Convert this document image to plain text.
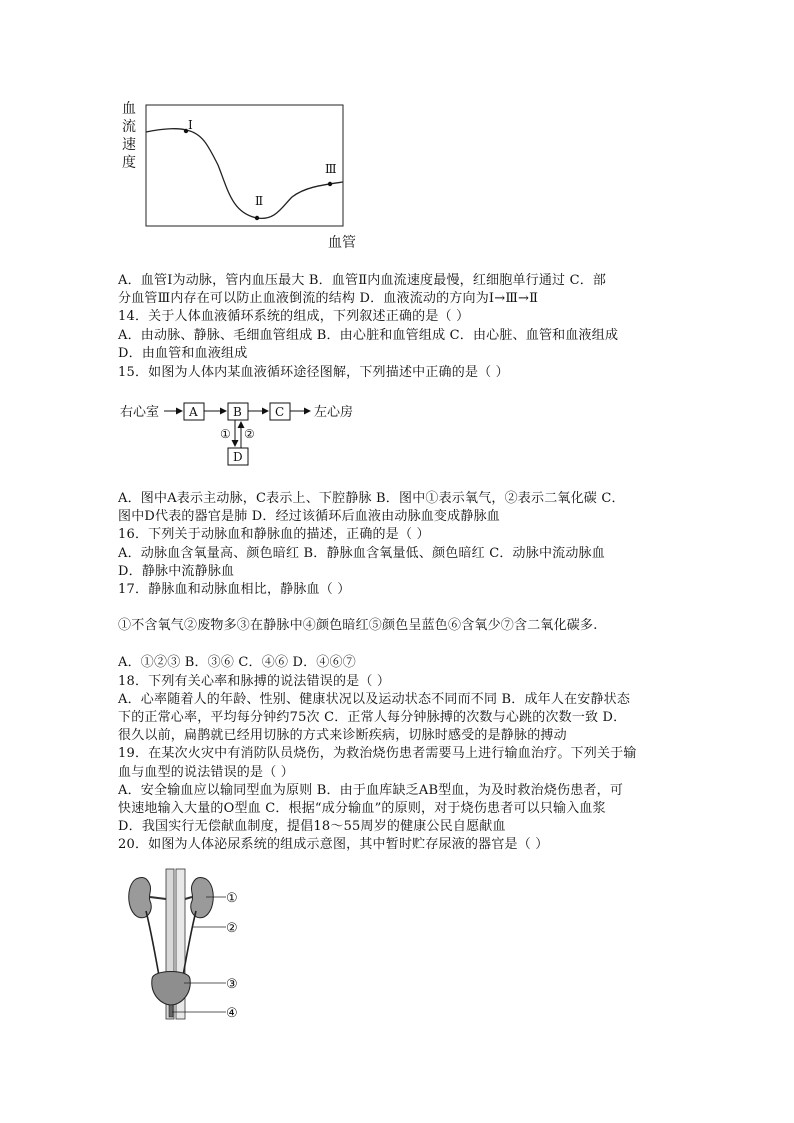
血
流
速
度
Ⅰ
Ⅱ
Ⅲ
血管
A．血管Ⅰ为动脉，管内血压最大 B．血管Ⅱ内血流速度最慢，红细胞单行通过 C．部
分血管Ⅲ内存在可以防止血液倒流的结构 D．血液流动的方向为Ⅰ→Ⅲ→Ⅱ
14．关于人体血液循环系统的组成，下列叙述正确的是（ ）
A．由动脉、静脉、毛细血管组成 B．由心脏和血管组成 C．由心脏、血管和血液组成
D．由血管和血液组成
15．如图为人体内某血液循环途径图解，下列描述中正确的是（ ）
右心室 A	B	C 左心房
① ②
D
A．图中A表示主动脉，C表示上、下腔静脉 B．图中①表示氧气，②表示二氧化碳 C．
图中D代表的器官是肺 D．经过该循环后血液由动脉血变成静脉血
16．下列关于动脉血和静脉血的描述，正确的是（ ）
A．动脉血含氧量高、颜色暗红 B．静脉血含氧量低、颜色暗红 C．动脉中流动脉血
D．静脉中流静脉血
17．静脉血和动脉血相比，静脉血（ ）
①不含氧气②废物多③在静脉中④颜色暗红⑤颜色呈蓝色⑥含氧少⑦含二氧化碳多.
A．①②③ B．③⑥ C．④⑥ D．④⑥⑦
18．下列有关心率和脉搏的说法错误的是（ ）
A．心率随着人的年龄、性别、健康状况以及运动状态不同而不同 B．成年人在安静状态
下的正常心率，平均每分钟约75次 C．正常人每分钟脉搏的次数与心跳的次数一致 D．
很久以前，扁鹊就已经用切脉的方式来诊断疾病，切脉时感受的是静脉的搏动
19．在某次火灾中有消防队员烧伤，为救治烧伤患者需要马上进行输血治疗。下列关于输
血与血型的说法错误的是（ ）
A．安全输血应以输同型血为原则 B．由于血库缺乏AB型血，为及时救治烧伤患者，可
快速地输入大量的O型血 C．根据“成分输血”的原则，对于烧伤患者可以只输入血浆
D．我国实行无偿献血制度，提倡18～55周岁的健康公民自愿献血
20．如图为人体泌尿系统的组成示意图，其中暂时贮存尿液的器官是（ ）
①
②
③
④
